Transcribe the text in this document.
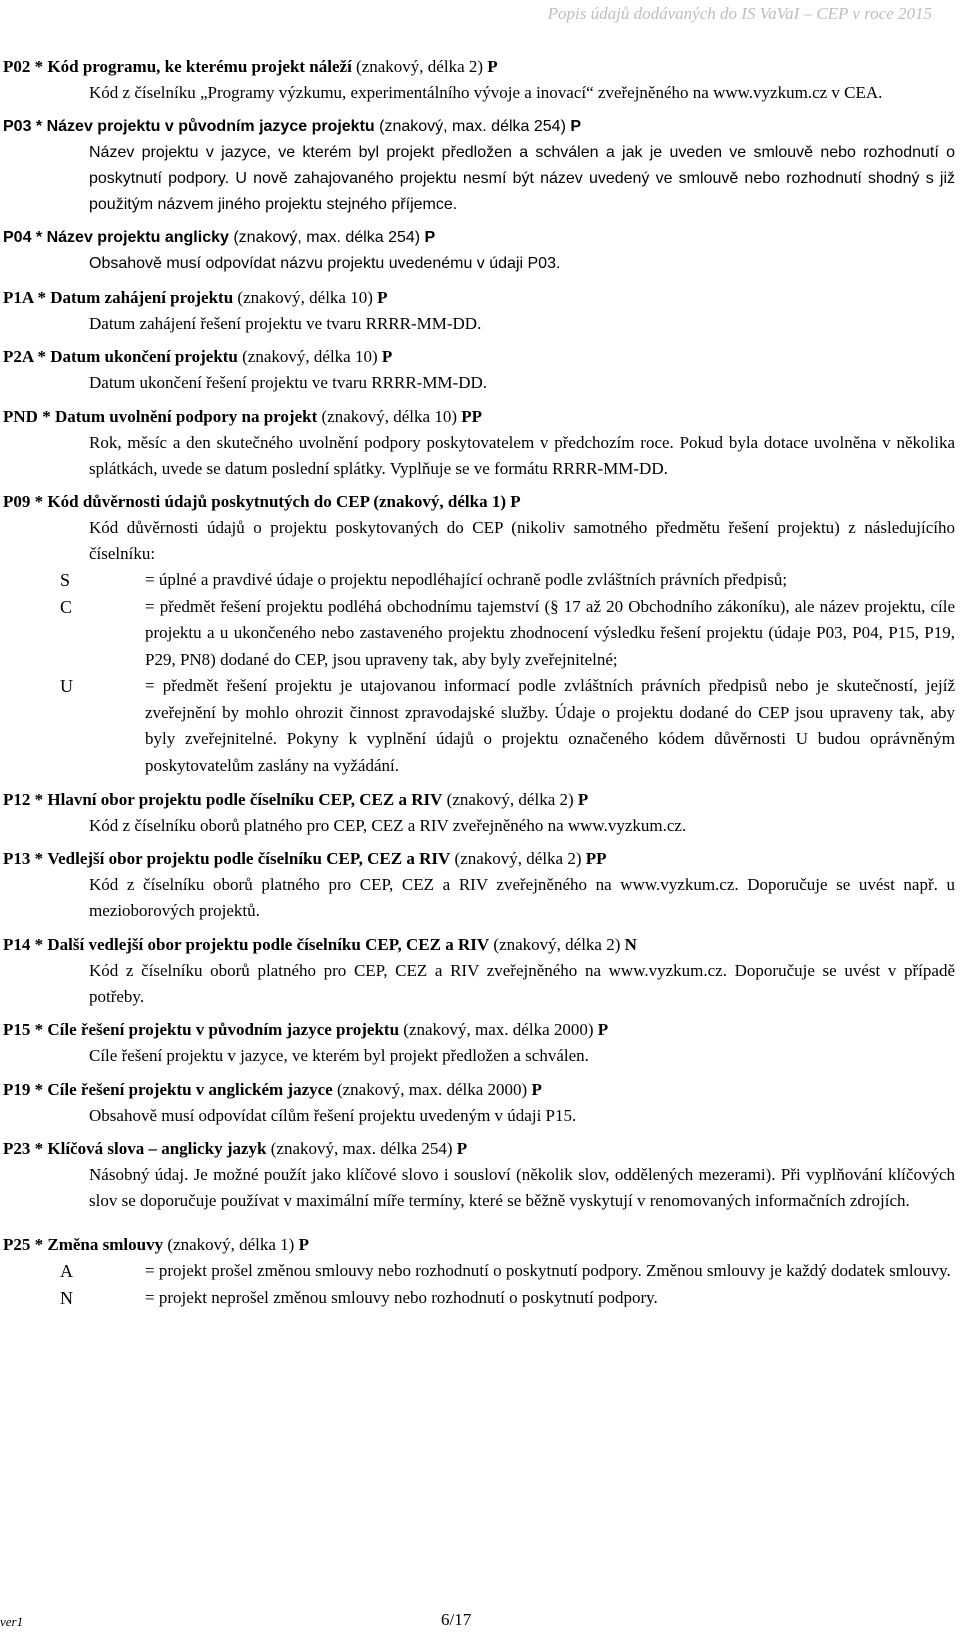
Popis údajů dodávaných do IS VaVaI – CEP v roce 2015
P02 * Kód programu, ke kterému projekt náleží (znakový, délka 2) P
Kód z číselníku „Programy výzkumu, experimentálního vývoje a inovací“ zveřejněného na www.vyzkum.cz v CEA.
P03 * Název projektu v původním jazyce projektu (znakový, max. délka 254) P
Název projektu v jazyce, ve kterém byl projekt předložen a schválen a jak je uveden ve smlouvě nebo rozhodnutí o poskytnutí podpory. U nově zahajovaného projektu nesmí být název uvedený ve smlouvě nebo rozhodnutí shodný s již použitým názvem jiného projektu stejného příjemce.
P04 * Název projektu anglicky (znakový, max. délka 254) P
Obsahově musí odpovídat názvu projektu uvedenému v údaji P03.
P1A * Datum zahájení projektu (znakový, délka 10) P
Datum zahájení řešení projektu ve tvaru RRRR-MM-DD.
P2A * Datum ukončení projektu (znakový, délka 10) P
Datum ukončení řešení projektu ve tvaru RRRR-MM-DD.
PND * Datum uvolnění podpory na projekt (znakový, délka 10) PP
Rok, měsíc a den skutečného uvolnění podpory poskytovatelem v předchozím roce. Pokud byla dotace uvolněna v několika splátkách, uvede se datum poslední splátky. Vyplňuje se ve formátu RRRR-MM-DD.
P09 * Kód důvěrnosti údajů poskytnutých do CEP (znakový, délka 1) P
Kód důvěrnosti údajů o projektu poskytovaných do CEP (nikoliv samotného předmětu řešení projektu) z následujícího číselníku:
S	= úplné a pravdivé údaje o projektu nepodléhající ochraně podle zvláštních právních předpisů;
C	= předmět řešení projektu podléhá obchodnímu tajemství (§ 17 až 20 Obchodního zákoníku), ale název projektu, cíle projektu a u ukončeného nebo zastaveného projektu zhodnocení výsledku řešení projektu (údaje P03, P04, P15, P19, P29, PN8) dodané do CEP, jsou upraveny tak, aby byly zveřejnitelné;
U	= předmět řešení projektu je utajovanou informací podle zvláštních právních předpisů nebo je skutečností, jejíž zveřejnění by mohlo ohrozit činnost zpravodajské služby. Údaje o projektu dodané do CEP jsou upraveny tak, aby byly zveřejnitelné. Pokyny k vyplnění údajů o projektu označeného kódem důvěrnosti U budou oprávněným poskytovatelům zaslány na vyžádání.
P12 * Hlavní obor projektu podle číselníku CEP, CEZ a RIV (znakový, délka 2) P
Kód z číselníku oborů platného pro CEP, CEZ a RIV zveřejněného na www.vyzkum.cz.
P13 * Vedlejší obor projektu podle číselníku CEP, CEZ a RIV (znakový, délka 2) PP
Kód z číselníku oborů platného pro CEP, CEZ a RIV zveřejněného na www.vyzkum.cz. Doporučuje se uvést např. u mezioborových projektů.
P14 * Další vedlejší obor projektu podle číselníku CEP, CEZ a RIV (znakový, délka 2) N
Kód z číselníku oborů platného pro CEP, CEZ a RIV zveřejněného na www.vyzkum.cz. Doporučuje se uvést v případě potřeby.
P15 * Cíle řešení projektu v původním jazyce projektu (znakový, max. délka 2000) P
Cíle řešení projektu v jazyce, ve kterém byl projekt předložen a schválen.
P19 * Cíle řešení projektu v anglickém jazyce (znakový, max. délka 2000) P
Obsahově musí odpovídat cílům řešení projektu uvedeným v údaji P15.
P23 * Klíčová slova – anglicky jazyk (znakový, max. délka 254) P
Násobný údaj. Je možné použít jako klíčové slovo i sousloví (několik slov, oddělených mezerami). Při vyplňování klíčových slov se doporučuje používat v maximální míře termíny, které se běžně vyskytují v renomovaných informačních zdrojích.
P25 * Změna smlouvy (znakový, délka 1) P
A	= projekt prošel změnou smlouvy nebo rozhodnutí o poskytnutí podpory. Změnou smlouvy je každý dodatek smlouvy.
N	= projekt neprošel změnou smlouvy nebo rozhodnutí o poskytnutí podpory.
ver1	6/17
